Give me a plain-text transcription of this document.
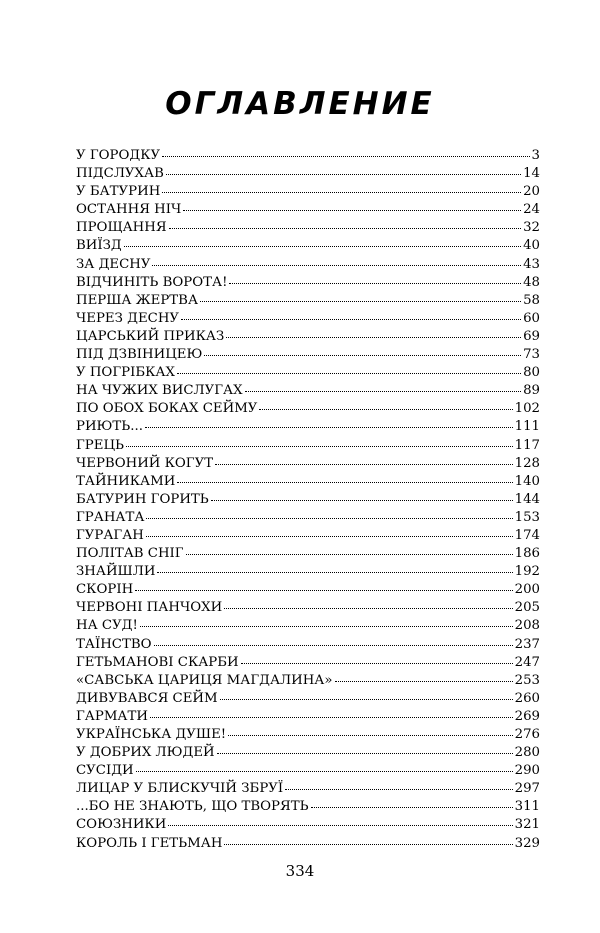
ОГЛАВЛЕНИЕ
У ГОРОДКУ	3
ПІДСЛУХАВ	14
У БАТУРИН	20
ОСТАННЯ НІЧ	24
ПРОЩАННЯ	32
ВИЇЗД	40
ЗА ДЕСНУ	43
ВІДЧИНІТЬ ВОРОТА!	48
ПЕРША ЖЕРТВА	58
ЧЕРЕЗ ДЕСНУ	60
ЦАРСЬКИЙ ПРИКАЗ	69
ПІД ДЗВІНИЦЕЮ	73
У ПОГРІБКАХ	80
НА ЧУЖИХ ВИСЛУГАХ	89
ПО ОБОХ БОКАХ СЕЙМУ	102
РИЮТЬ...	111
ГРЕЦЬ	117
ЧЕРВОНИЙ КОГУТ	128
ТАЙНИКАМИ	140
БАТУРИН ГОРИТЬ	144
ГРАНАТА	153
ГУРАГАН	174
ПОЛІТАВ СНІГ	186
ЗНАЙШЛИ	192
СКОРІН	200
ЧЕРВОНІ ПАНЧОХИ	205
НА СУД!	208
ТАЇНСТВО	237
ГЕТЬМАНОВІ СКАРБИ	247
«САВСЬКА ЦАРИЦЯ МАГДАЛИНА»	253
ДИВУВАВСЯ СЕЙМ	260
ГАРМАТИ	269
УКРАЇНСЬКА ДУШЕ!	276
У ДОБРИХ ЛЮДЕЙ	280
СУСІДИ	290
ЛИЦАР У БЛИСКУЧІЙ ЗБРУЇ	297
...БО НЕ ЗНАЮТЬ, ЩО ТВОРЯТЬ	311
СОЮЗНИКИ	321
КОРОЛЬ І ГЕТЬМАН	329
334
